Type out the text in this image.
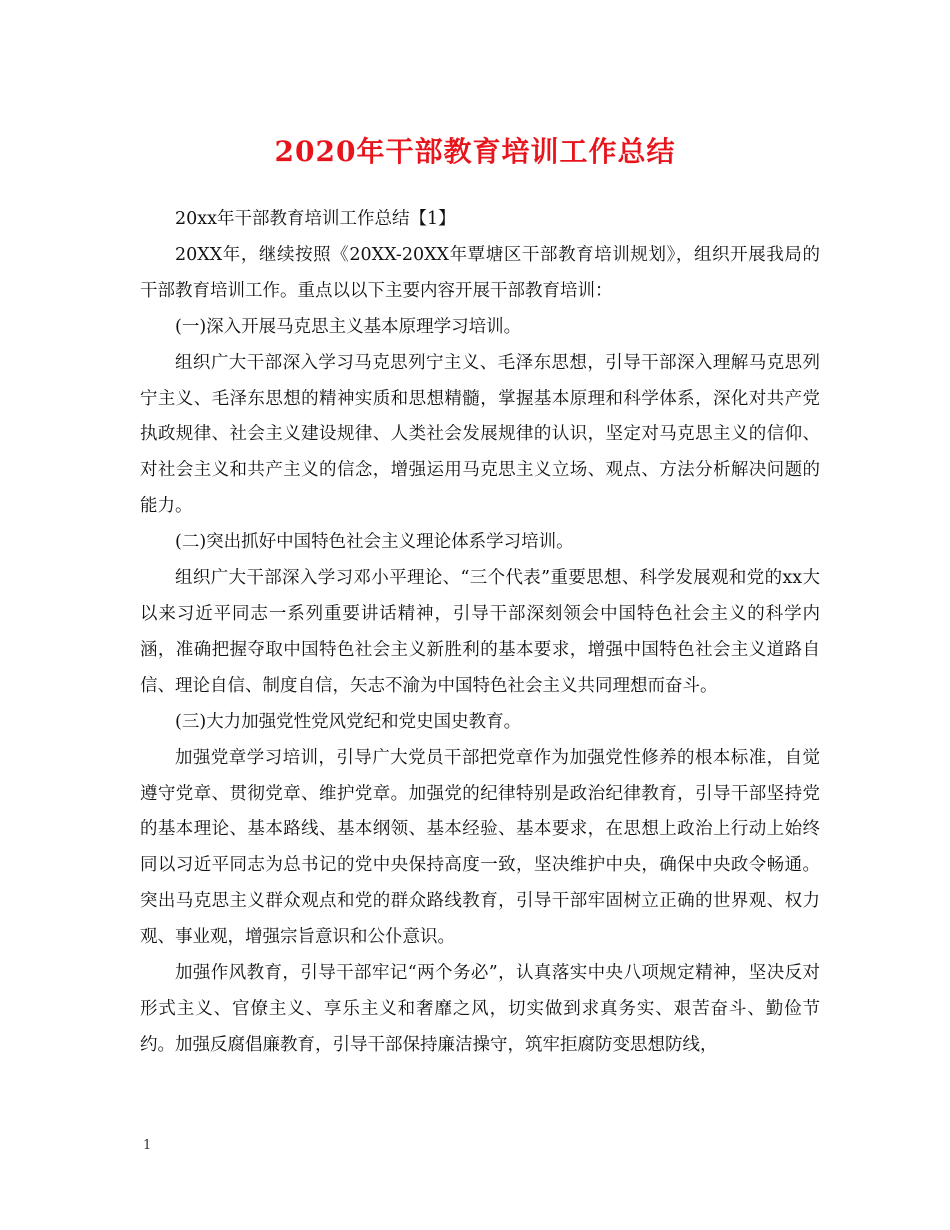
2020年干部教育培训工作总结

20xx年干部教育培训工作总结【1】

20XX年，继续按照《20XX-20XX年覃塘区干部教育培训规划》，组织开展我局的干部教育培训工作。重点以以下主要内容开展干部教育培训：

(一)深入开展马克思主义基本原理学习培训。

组织广大干部深入学习马克思列宁主义、毛泽东思想，引导干部深入理解马克思列宁主义、毛泽东思想的精神实质和思想精髓，掌握基本原理和科学体系，深化对共产党执政规律、社会主义建设规律、人类社会发展规律的认识，坚定对马克思主义的信仰、对社会主义和共产主义的信念，增强运用马克思主义立场、观点、方法分析解决问题的能力。

(二)突出抓好中国特色社会主义理论体系学习培训。

组织广大干部深入学习邓小平理论、“三个代表”重要思想、科学发展观和党的xx大以来习近平同志一系列重要讲话精神，引导干部深刻领会中国特色社会主义的科学内涵，准确把握夺取中国特色社会主义新胜利的基本要求，增强中国特色社会主义道路自信、理论自信、制度自信，矢志不渝为中国特色社会主义共同理想而奋斗。

(三)大力加强党性党风党纪和党史国史教育。

加强党章学习培训，引导广大党员干部把党章作为加强党性修养的根本标准，自觉遵守党章、贯彻党章、维护党章。加强党的纪律特别是政治纪律教育，引导干部坚持党的基本理论、基本路线、基本纲领、基本经验、基本要求，在思想上政治上行动上始终同以习近平同志为总书记的党中央保持高度一致，坚决维护中央，确保中央政令畅通。突出马克思主义群众观点和党的群众路线教育，引导干部牢固树立正确的世界观、权力观、事业观，增强宗旨意识和公仆意识。

加强作风教育，引导干部牢记“两个务必”，认真落实中央八项规定精神，坚决反对形式主义、官僚主义、享乐主义和奢靡之风，切实做到求真务实、艰苦奋斗、勤俭节约。加强反腐倡廉教育，引导干部保持廉洁操守，筑牢拒腐防变思想防线，

1
